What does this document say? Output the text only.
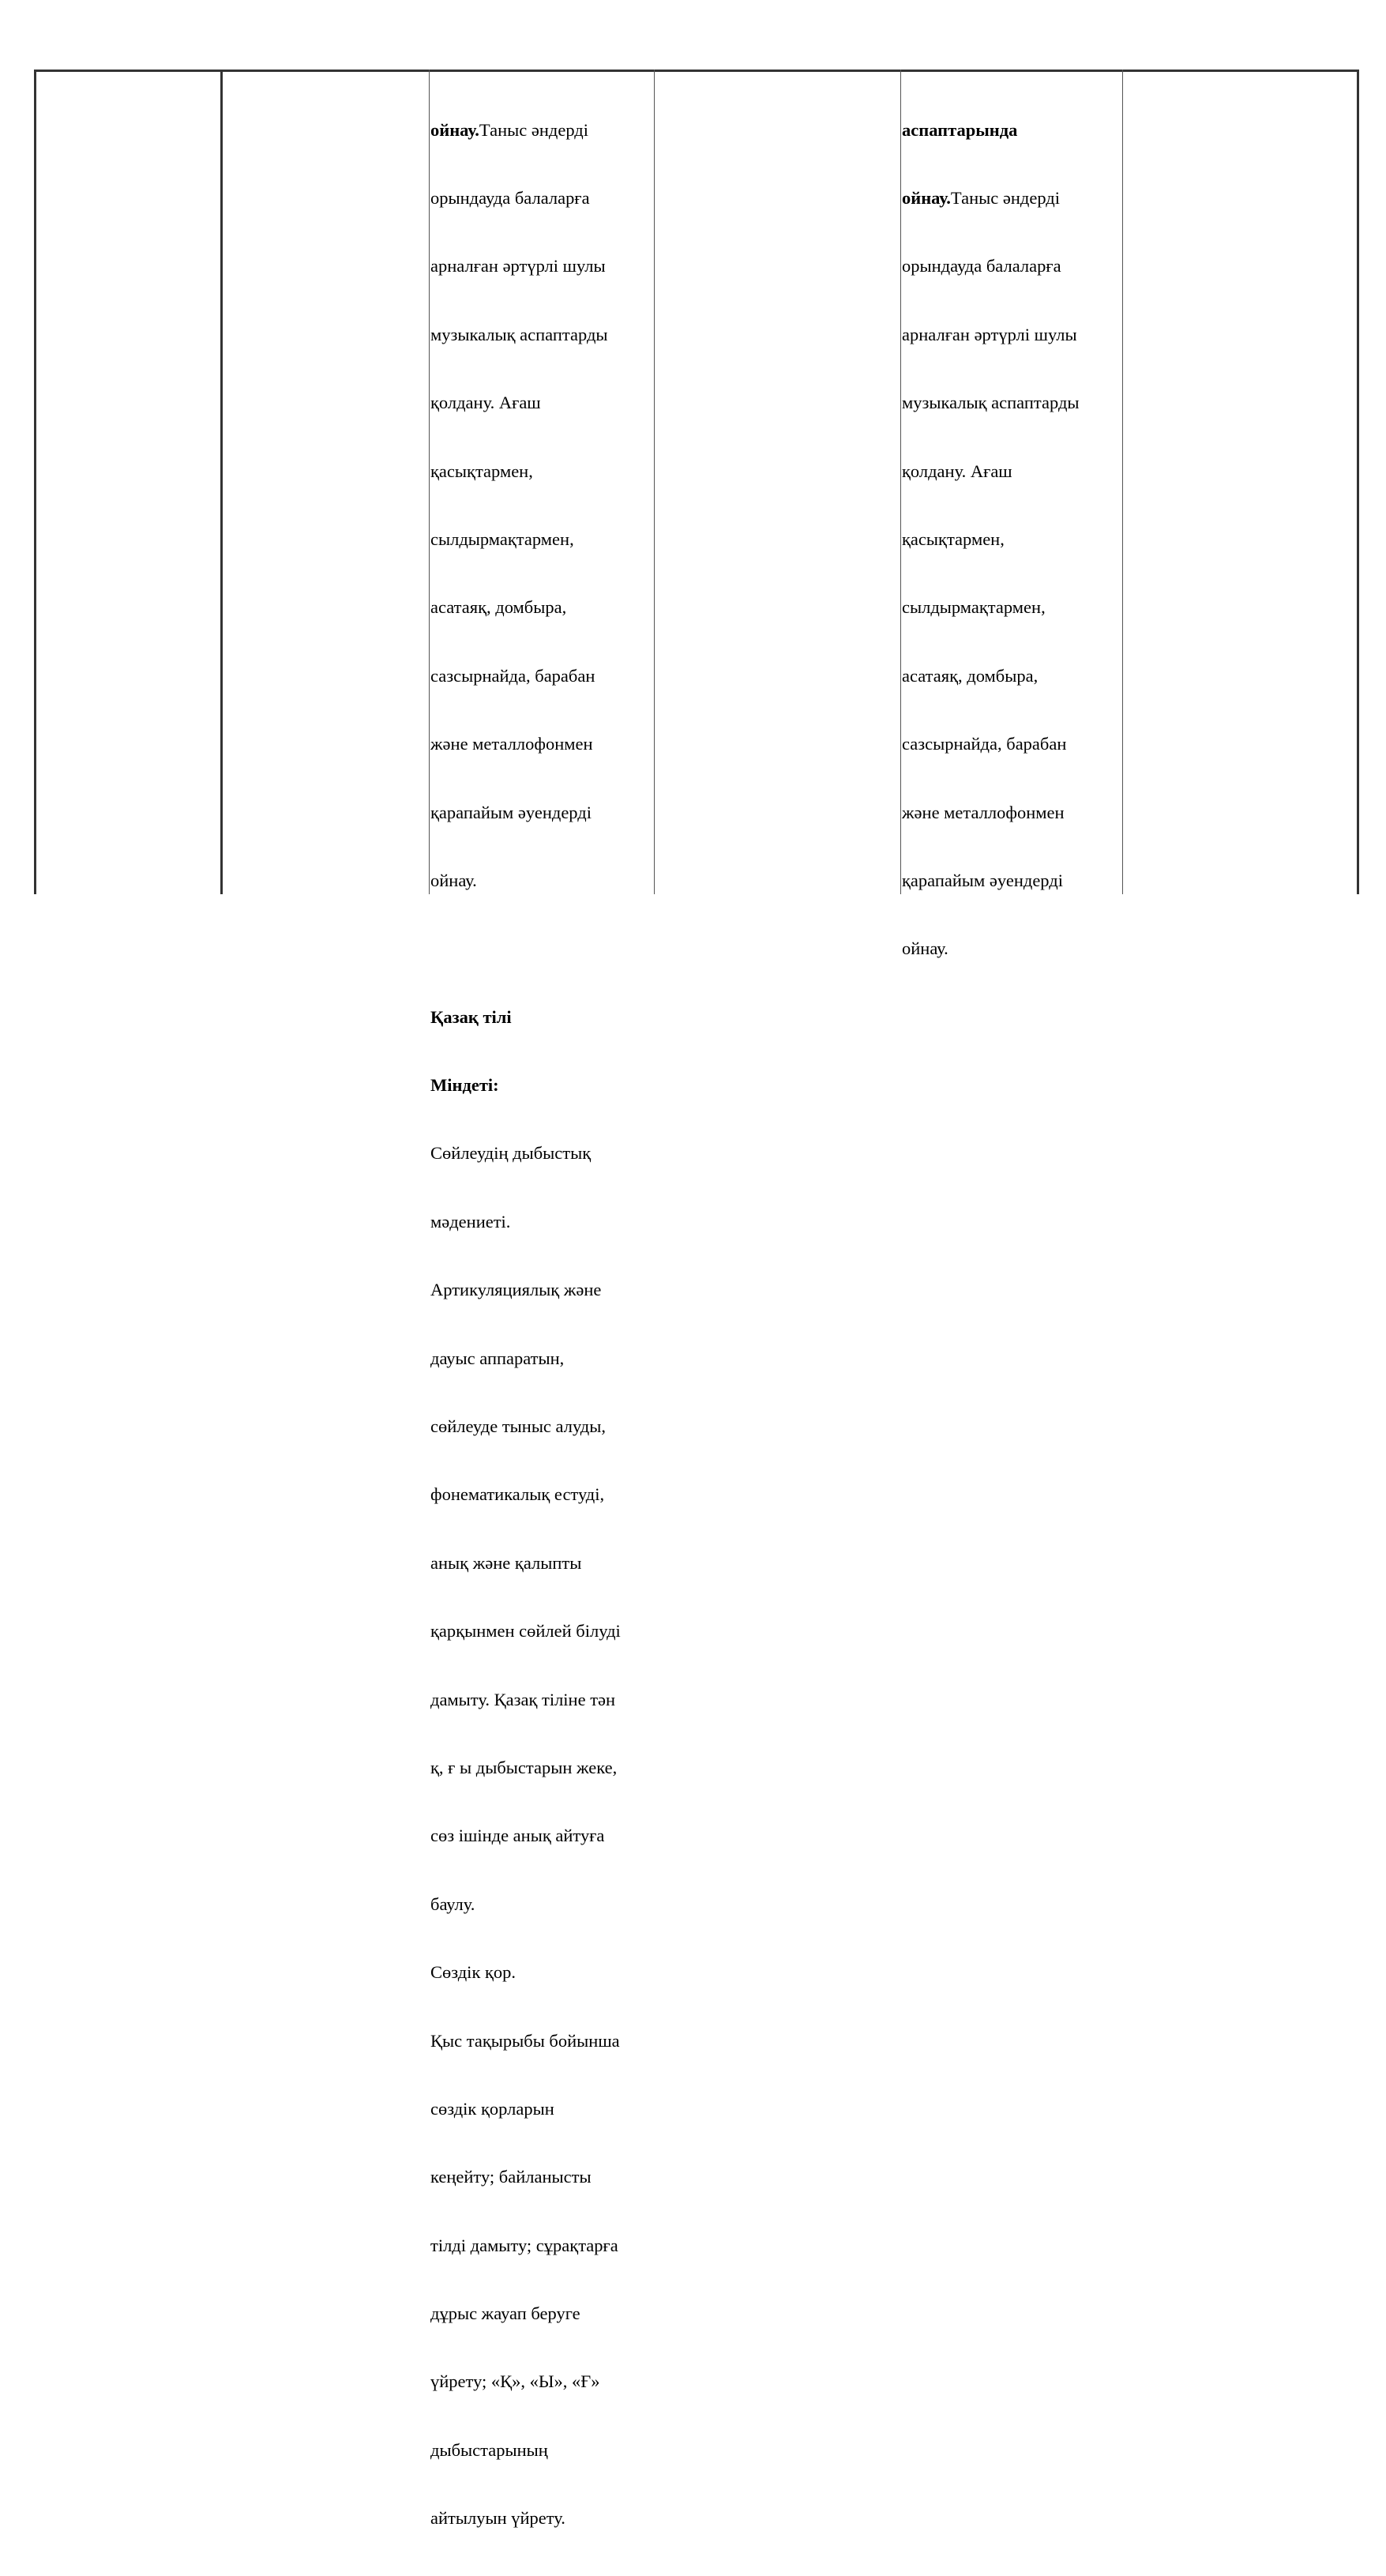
ойнау.Таныс әндерді

орындауда балаларға

арналған әртүрлі шулы

музыкалық аспаптарды

қолдану. Ағаш

қасықтармен,

сылдырмақтармен,

асатаяқ, домбыра,

сазсырнайда, барабан

және металлофонмен

қарапайым әуендерді

ойнау.

Қазақ тілі

Міндеті:

Сөйлеудің дыбыстық

мәдениеті.

Артикуляциялық және

дауыс аппаратын,

сөйлеуде тыныс алуды,

фонематикалық естуді,

анық және қалыпты

қарқынмен сөйлей білуді

дамыту. Қазақ тіліне тән

қ, ғ ы дыбыстарын жеке,

сөз ішінде анық айтуға

баулу.

Сөздік қор.

Қыс тақырыбы бойынша

сөздік қорларын

кеңейту; байланысты

тілді дамыту; сұрақтарға

дұрыс жауап беруге

үйрету; «Қ», «Ы», «Ғ»

дыбыстарының

айтылуын үйрету.

аспаптарында

ойнау.Таныс әндерді

орындауда балаларға

арналған әртүрлі шулы

музыкалық аспаптарды

қолдану. Ағаш

қасықтармен,

сылдырмақтармен,

асатаяқ, домбыра,

сазсырнайда, барабан

және металлофонмен

қарапайым әуендерді

ойнау.
